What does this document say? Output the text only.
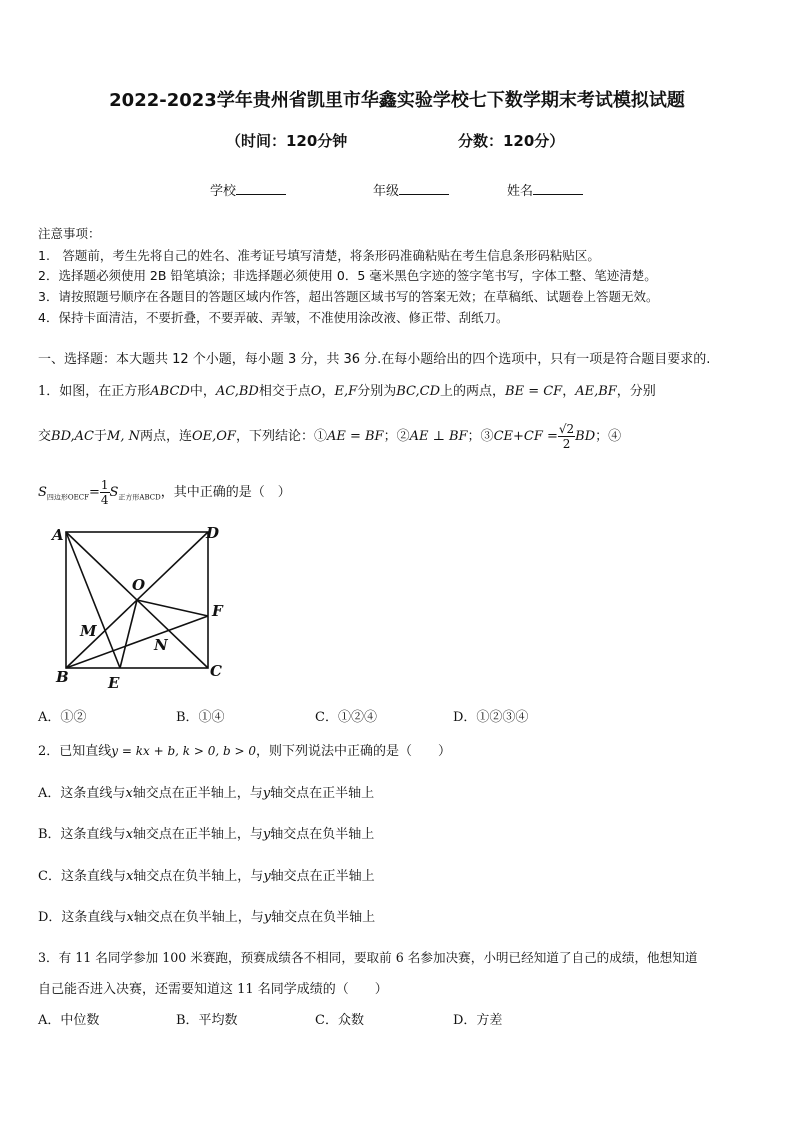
2022-2023学年贵州省凯里市华鑫实验学校七下数学期末考试模拟试题
（时间：120分钟	分数：120分）
学校	年级	姓名
注意事项：
1.　答题前，考生先将自己的姓名、准考证号填写清楚，将条形码准确粘贴在考生信息条形码粘贴区。
2．选择题必须使用 2B 铅笔填涂；非选择题必须使用 0．5 毫米黑色字迹的签字笔书写，字体工整、笔迹清楚。
3．请按照题号顺序在各题目的答题区域内作答，超出答题区域书写的答案无效；在草稿纸、试题卷上答题无效。
4．保持卡面清洁，不要折叠，不要弄破、弄皱，不准使用涂改液、修正带、刮纸刀。
一、选择题：本大题共 12 个小题，每小题 3 分，共 36 分.在每小题给出的四个选项中，只有一项是符合题目要求的.
1．如图，在正方形ABCD中，AC,BD相交于点O，E,F分别为BC,CD上的两点，BE = CF，AE,BF，分别
交BD,AC于M, N两点，连OE,OF，下列结论：①AE = BF；②AE ⊥ BF；③CE+CF = $\frac{√2}{2}$ BD；④
$S_{四边形OECF}= \frac{1}{4} S_{正方形ABCD}$，其中正确的是（　）
A	D
O
F
M
N
B	E
C
A．①②	B．①④	C．①②④	D．①②③④
2．已知直线y = kx + b, k > 0, b > 0，则下列说法中正确的是（　　）
A．这条直线与x轴交点在正半轴上，与y轴交点在正半轴上
B．这条直线与x轴交点在正半轴上，与y轴交点在负半轴上
C．这条直线与x轴交点在负半轴上，与y轴交点在正半轴上
D．这条直线与x轴交点在负半轴上，与y轴交点在负半轴上
3．有 11 名同学参加 100 米赛跑，预赛成绩各不相同，要取前 6 名参加决赛，小明已经知道了自己的成绩，他想知道
自己能否进入决赛，还需要知道这 11 名同学成绩的（　　）
A．中位数	B．平均数	C．众数	D．方差
